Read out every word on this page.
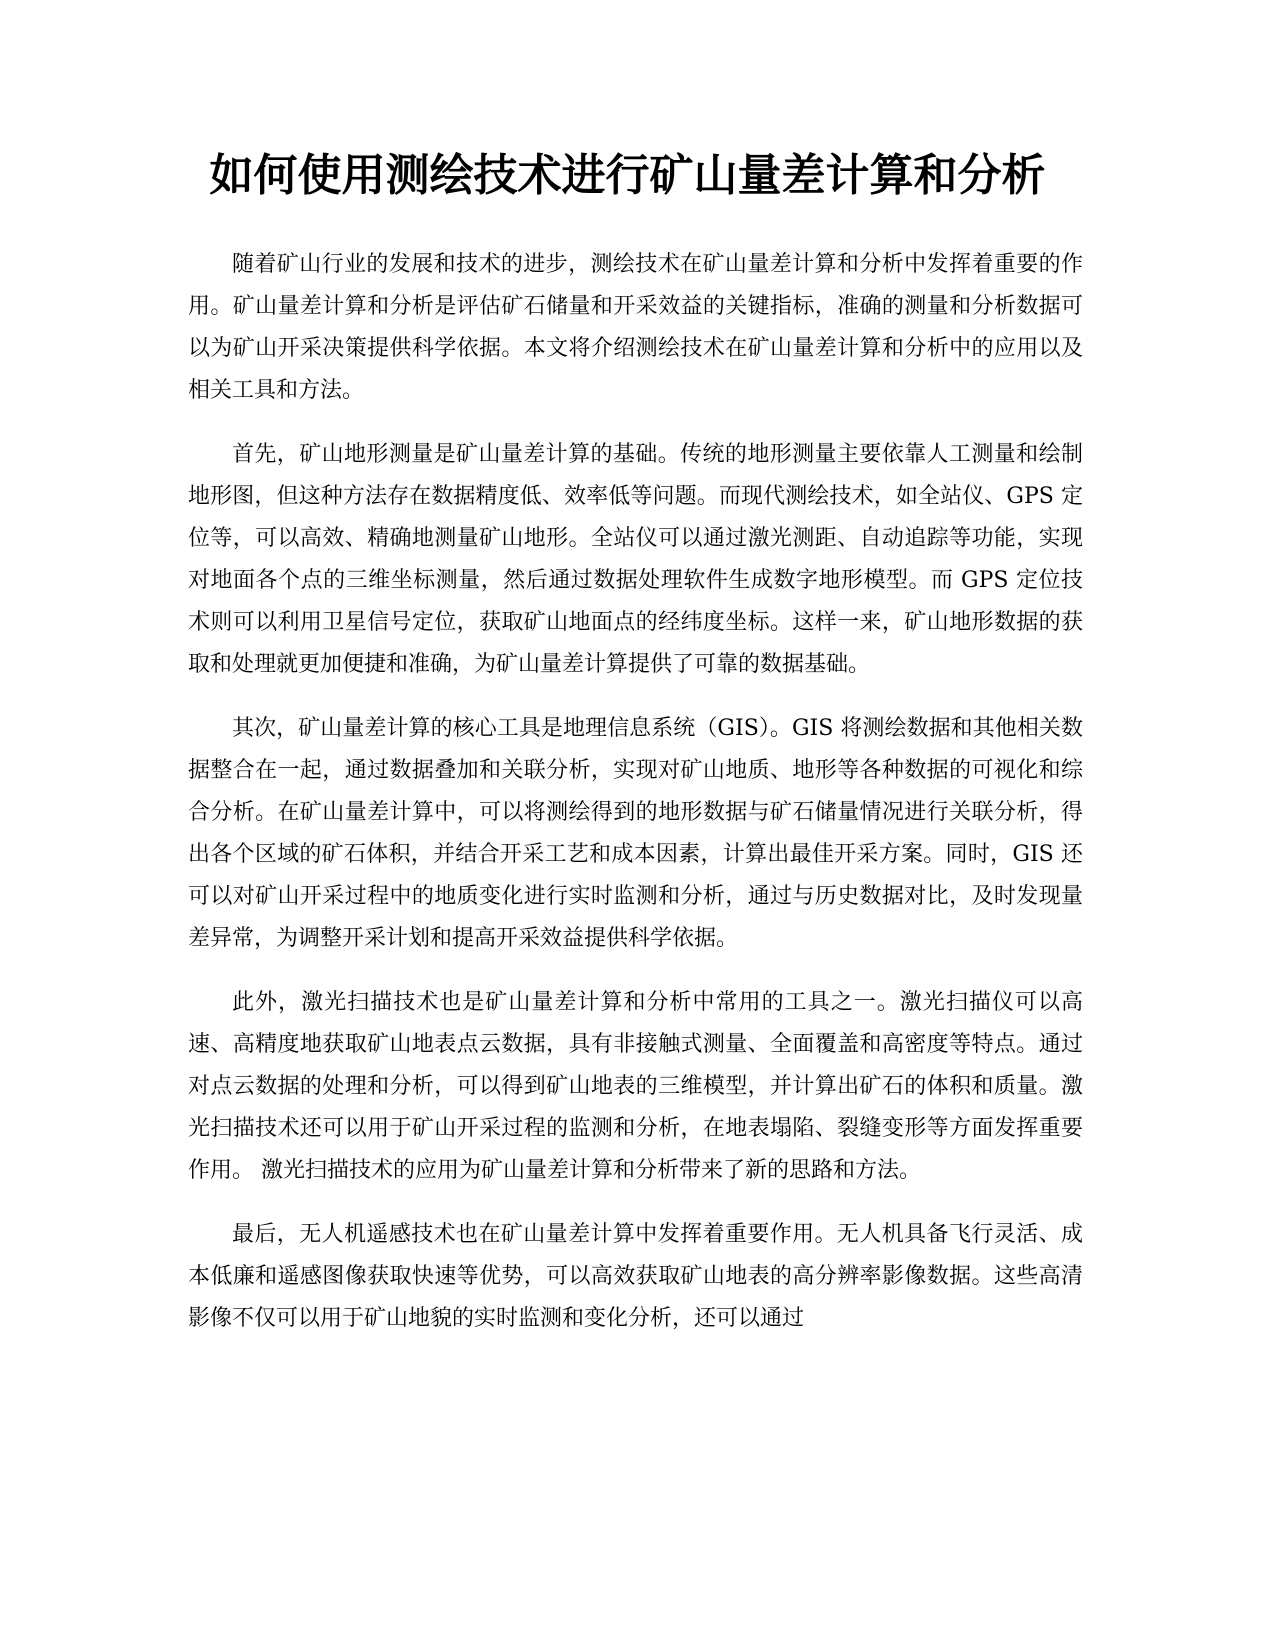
如何使用测绘技术进行矿山量差计算和分析

随着矿山行业的发展和技术的进步，测绘技术在矿山量差计算和分析中发挥着重要的作用。矿山量差计算和分析是评估矿石储量和开采效益的关键指标，准确的测量和分析数据可以为矿山开采决策提供科学依据。本文将介绍测绘技术在矿山量差计算和分析中的应用以及相关工具和方法。

首先，矿山地形测量是矿山量差计算的基础。传统的地形测量主要依靠人工测量和绘制地形图，但这种方法存在数据精度低、效率低等问题。而现代测绘技术，如全站仪、GPS 定位等，可以高效、精确地测量矿山地形。全站仪可以通过激光测距、自动追踪等功能，实现对地面各个点的三维坐标测量，然后通过数据处理软件生成数字地形模型。而 GPS 定位技术则可以利用卫星信号定位，获取矿山地面点的经纬度坐标。这样一来，矿山地形数据的获取和处理就更加便捷和准确，为矿山量差计算提供了可靠的数据基础。

其次，矿山量差计算的核心工具是地理信息系统（GIS）。GIS 将测绘数据和其他相关数据整合在一起，通过数据叠加和关联分析，实现对矿山地质、地形等各种数据的可视化和综合分析。在矿山量差计算中，可以将测绘得到的地形数据与矿石储量情况进行关联分析，得出各个区域的矿石体积，并结合开采工艺和成本因素，计算出最佳开采方案。同时，GIS 还可以对矿山开采过程中的地质变化进行实时监测和分析，通过与历史数据对比，及时发现量差异常，为调整开采计划和提高开采效益提供科学依据。

此外，激光扫描技术也是矿山量差计算和分析中常用的工具之一。激光扫描仪可以高速、高精度地获取矿山地表点云数据，具有非接触式测量、全面覆盖和高密度等特点。通过对点云数据的处理和分析，可以得到矿山地表的三维模型，并计算出矿石的体积和质量。激光扫描技术还可以用于矿山开采过程的监测和分析，在地表塌陷、裂缝变形等方面发挥重要作用。 激光扫描技术的应用为矿山量差计算和分析带来了新的思路和方法。

最后，无人机遥感技术也在矿山量差计算中发挥着重要作用。无人机具备飞行灵活、成本低廉和遥感图像获取快速等优势，可以高效获取矿山地表的高分辨率影像数据。这些高清影像不仅可以用于矿山地貌的实时监测和变化分析，还可以通过
